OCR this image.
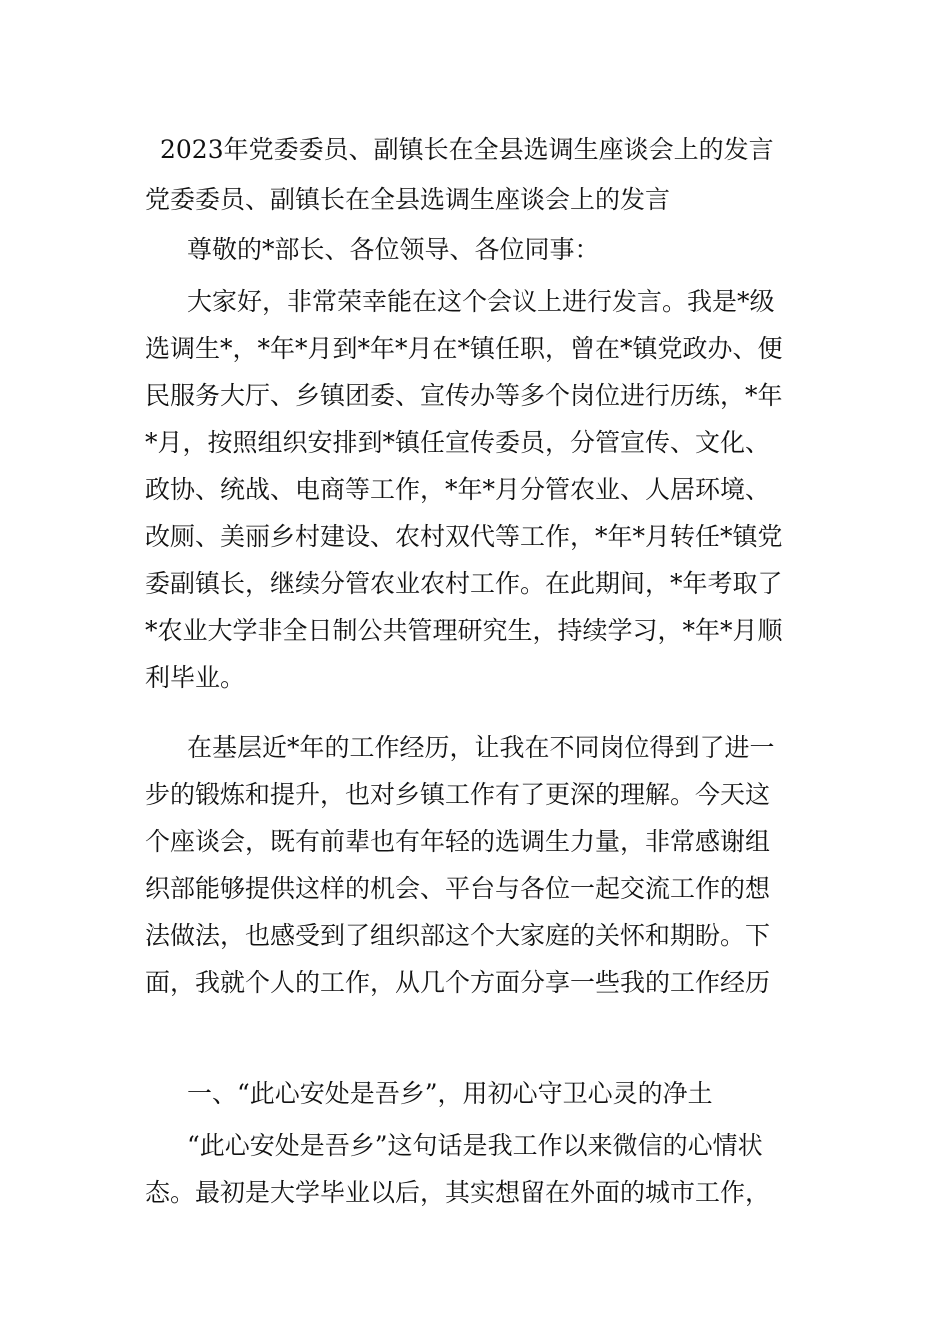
2023年党委委员、副镇长在全县选调生座谈会上的发言
党委委员、副镇长在全县选调生座谈会上的发言
尊敬的*部长、各位领导、各位同事：
大家好，非常荣幸能在这个会议上进行发言。我是*级
选调生*，*年*月到*年*月在*镇任职，曾在*镇党政办、便
民服务大厅、乡镇团委、宣传办等多个岗位进行历练，*年
*月，按照组织安排到*镇任宣传委员，分管宣传、文化、
政协、统战、电商等工作，*年*月分管农业、人居环境、
改厕、美丽乡村建设、农村双代等工作，*年*月转任*镇党
委副镇长，继续分管农业农村工作。在此期间，*年考取了
*农业大学非全日制公共管理研究生，持续学习，*年*月顺
利毕业。
在基层近*年的工作经历，让我在不同岗位得到了进一
步的锻炼和提升，也对乡镇工作有了更深的理解。今天这
个座谈会，既有前辈也有年轻的选调生力量，非常感谢组
织部能够提供这样的机会、平台与各位一起交流工作的想
法做法，也感受到了组织部这个大家庭的关怀和期盼。下
面，我就个人的工作，从几个方面分享一些我的工作经历
一、“此心安处是吾乡”，用初心守卫心灵的净土
“此心安处是吾乡”这句话是我工作以来微信的心情状
态。最初是大学毕业以后，其实想留在外面的城市工作，
